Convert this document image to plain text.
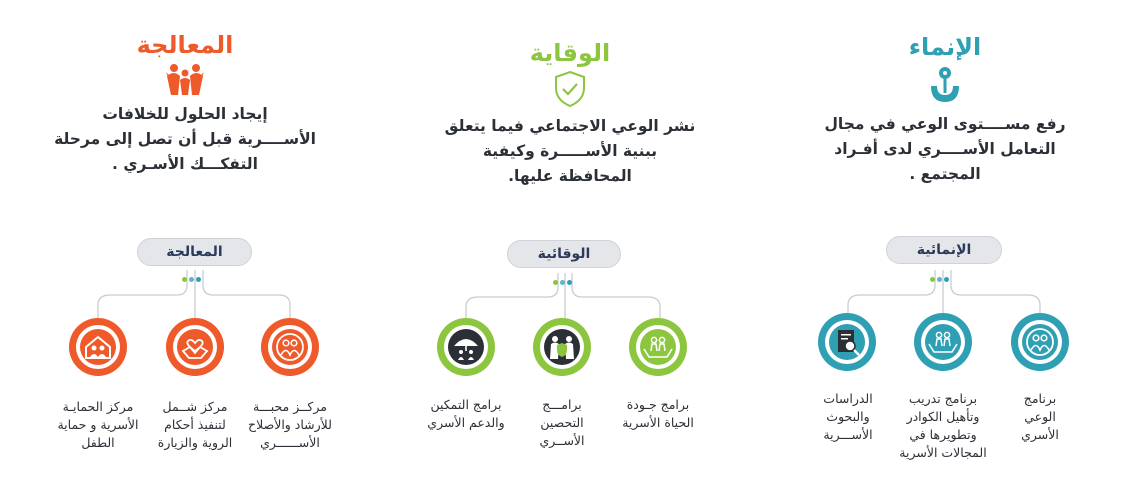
المعالجة
إيجاد الحلول للخلافات
الأســــرية قبل أن تصل إلى مرحلة
التفكـــك الأسـري .
الوقاية
نشر الوعي الاجتماعي فيما يتعلق
ببنية الأســـــرة وكيفية
المحافظة عليها.
الإنماء
رفع مســــتوى الوعي في مجال
التعامل الأســــري لدى أفـراد
المجتمع .
المعالجة	الوقائية	الإنمائية
مركز الحمايـة
الأسرية و حماية
الطفل
مركز شــمل
لتنفيذ أحكام
الروية والزيارة
مركــز محبـــة
للأرشاد والأصلاح
الأســــــري
برامج التمكين
والدعم الأسري
برامـــج
التحصين
الأســري
برامج جـودة
الحياة الأسرية
الدراسات
والبحوث
الأســـرية
برنامج تدريب
وتأهيل الكوادر
وتطويرها في
المجالات الأسرية
برنامج
الوعي
الأسري
